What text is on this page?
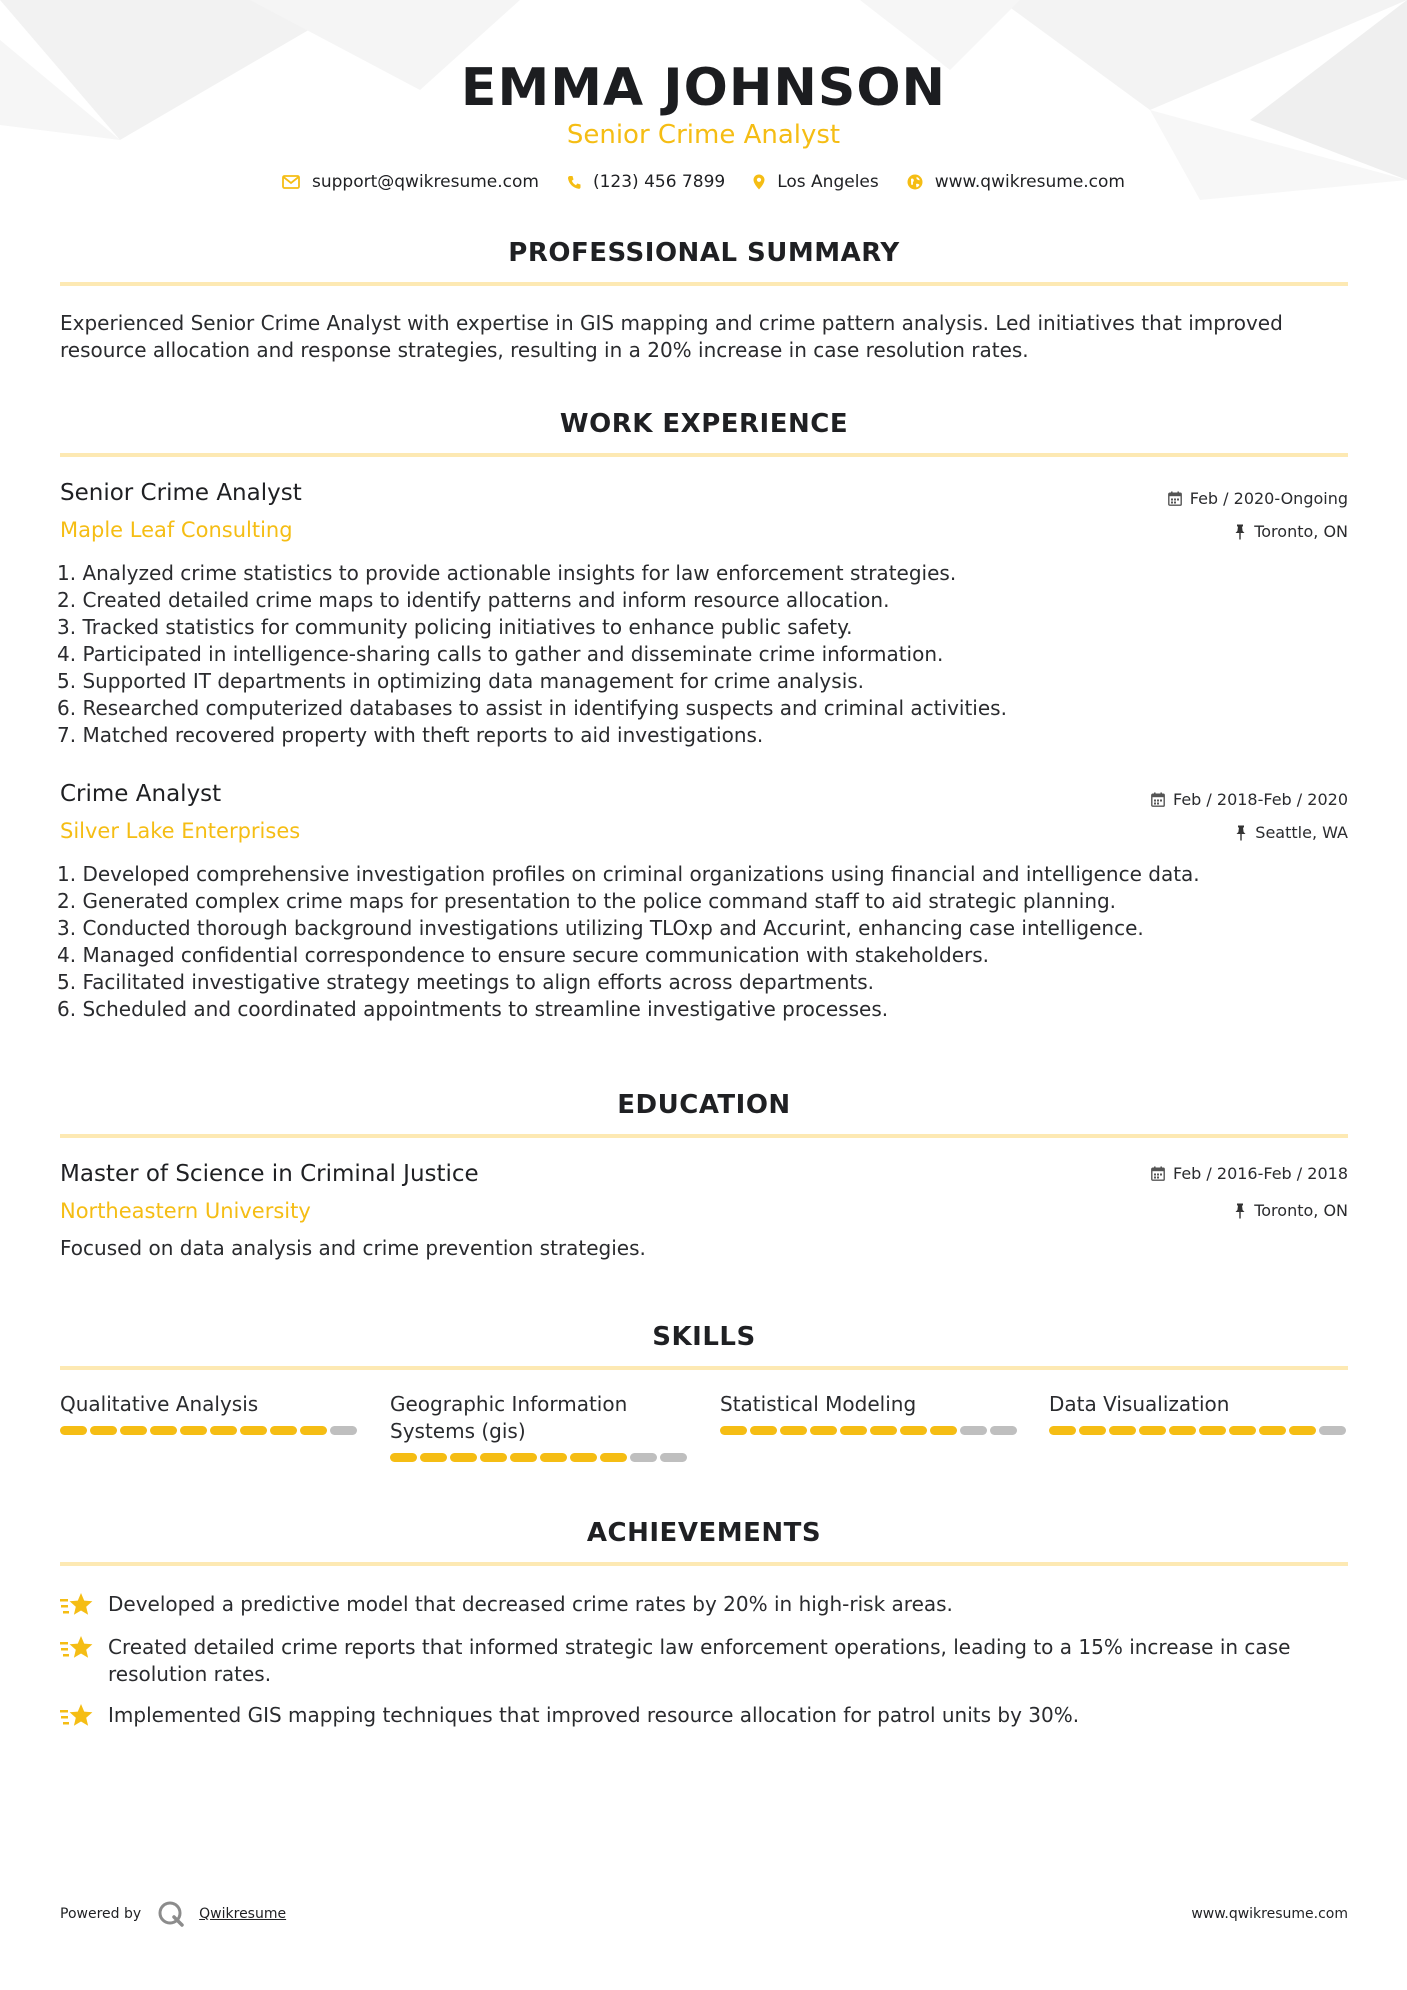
EMMA JOHNSON
Senior Crime Analyst
support@qwikresume.com	(123) 456 7899	Los Angeles	www.qwikresume.com
PROFESSIONAL SUMMARY
Experienced Senior Crime Analyst with expertise in GIS mapping and crime pattern analysis. Led initiatives that improved resource allocation and response strategies, resulting in a 20% increase in case resolution rates.
WORK EXPERIENCE
Senior Crime Analyst
Maple Leaf Consulting
Feb / 2020-Ongoing
Toronto, ON
1. Analyzed crime statistics to provide actionable insights for law enforcement strategies.
2. Created detailed crime maps to identify patterns and inform resource allocation.
3. Tracked statistics for community policing initiatives to enhance public safety.
4. Participated in intelligence-sharing calls to gather and disseminate crime information.
5. Supported IT departments in optimizing data management for crime analysis.
6. Researched computerized databases to assist in identifying suspects and criminal activities.
7. Matched recovered property with theft reports to aid investigations.
Crime Analyst
Silver Lake Enterprises
Feb / 2018-Feb / 2020
Seattle, WA
1. Developed comprehensive investigation profiles on criminal organizations using financial and intelligence data.
2. Generated complex crime maps for presentation to the police command staff to aid strategic planning.
3. Conducted thorough background investigations utilizing TLOxp and Accurint, enhancing case intelligence.
4. Managed confidential correspondence to ensure secure communication with stakeholders.
5. Facilitated investigative strategy meetings to align efforts across departments.
6. Scheduled and coordinated appointments to streamline investigative processes.
EDUCATION
Master of Science in Criminal Justice
Northeastern University
Feb / 2016-Feb / 2018
Toronto, ON
Focused on data analysis and crime prevention strategies.
SKILLS
Qualitative Analysis	Geographic Information Systems (gis)
Statistical Modeling	Data Visualization
ACHIEVEMENTS
Developed a predictive model that decreased crime rates by 20% in high-risk areas.
Created detailed crime reports that informed strategic law enforcement operations, leading to a 15% increase in case resolution rates.
Implemented GIS mapping techniques that improved resource allocation for patrol units by 30%.
Powered by	Qwikresume	www.qwikresume.com
